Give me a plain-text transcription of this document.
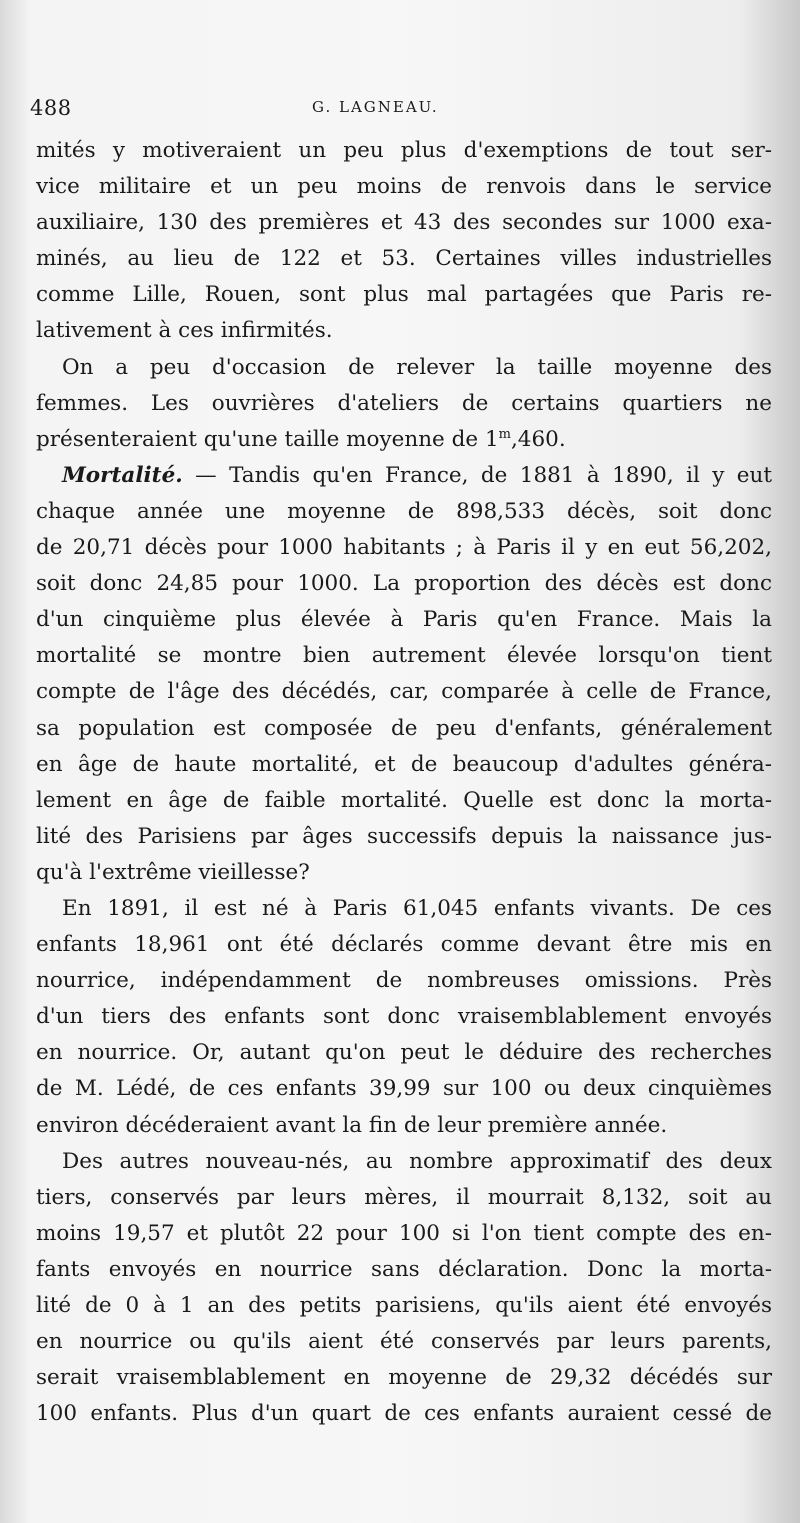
488	G. LAGNEAU.

mités y motiveraient un peu plus d'exemptions de tout ser-
vice militaire et un peu moins de renvois dans le service
auxiliaire, 130 des premières et 43 des secondes sur 1000 exa-
minés, au lieu de 122 et 53. Certaines villes industrielles
comme Lille, Rouen, sont plus mal partagées que Paris re-
lativement à ces infirmités.

On a peu d'occasion de relever la taille moyenne des
femmes. Les ouvrières d'ateliers de certains quartiers ne
présenteraient qu'une taille moyenne de 1$^m$,460.

Mortalité. — Tandis qu'en France, de 1881 à 1890, il y eut
chaque année une moyenne de 898,533 décès, soit donc
de 20,71 décès pour 1000 habitants ; à Paris il y en eut 56,202,
soit donc 24,85 pour 1000. La proportion des décès est donc
d'un cinquième plus élevée à Paris qu'en France. Mais la
mortalité se montre bien autrement élevée lorsqu'on tient
compte de l'âge des décédés, car, comparée à celle de France,
sa population est composée de peu d'enfants, généralement
en âge de haute mortalité, et de beaucoup d'adultes généra-
lement en âge de faible mortalité. Quelle est donc la morta-
lité des Parisiens par âges successifs depuis la naissance jus-
qu'à l'extrême vieillesse?

En 1891, il est né à Paris 61,045 enfants vivants. De ces
enfants 18,961 ont été déclarés comme devant être mis en
nourrice, indépendamment de nombreuses omissions. Près
d'un tiers des enfants sont donc vraisemblablement envoyés
en nourrice. Or, autant qu'on peut le déduire des recherches
de M. Lédé, de ces enfants 39,99 sur 100 ou deux cinquièmes
environ décéderaient avant la fin de leur première année.

Des autres nouveau-nés, au nombre approximatif des deux
tiers, conservés par leurs mères, il mourrait 8,132, soit au
moins 19,57 et plutôt 22 pour 100 si l'on tient compte des en-
fants envoyés en nourrice sans déclaration. Donc la morta-
lité de 0 à 1 an des petits parisiens, qu'ils aient été envoyés
en nourrice ou qu'ils aient été conservés par leurs parents,
serait vraisemblablement en moyenne de 29,32 décédés sur
100 enfants. Plus d'un quart de ces enfants auraient cessé de
